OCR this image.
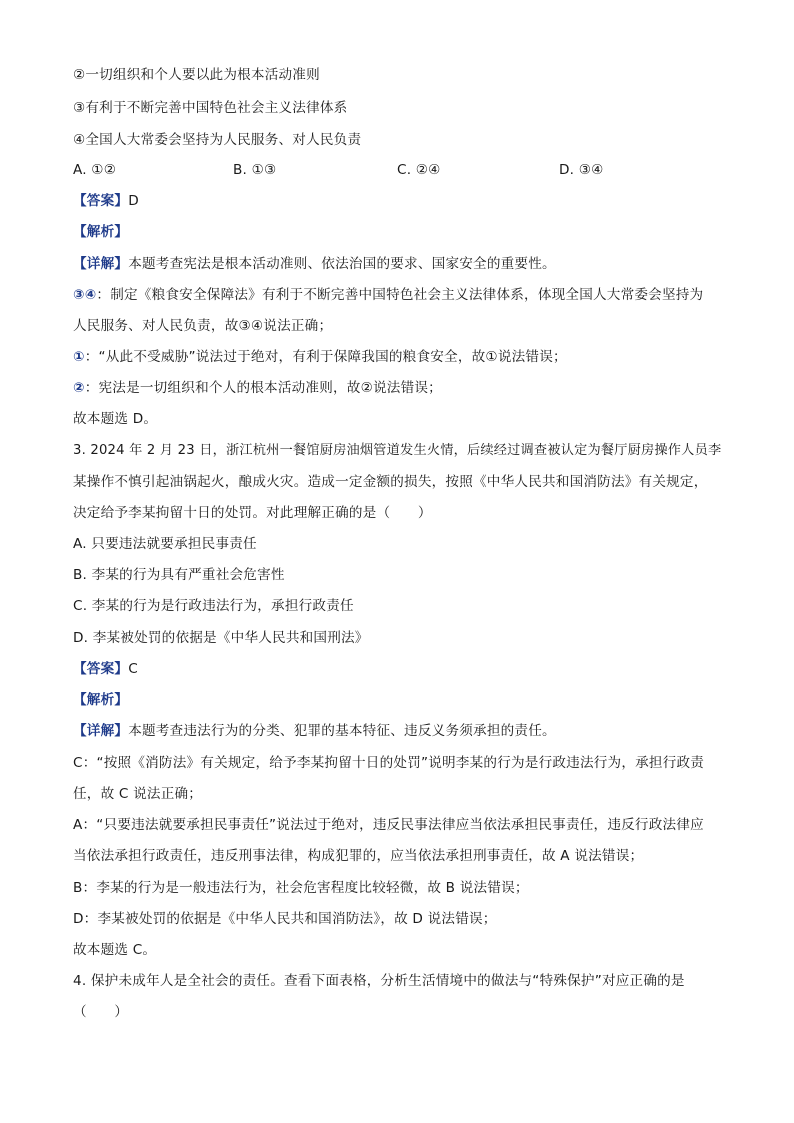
②一切组织和个人要以此为根本活动准则
③有利于不断完善中国特色社会主义法律体系
④全国人大常委会坚持为人民服务、对人民负责
A. ①②	B. ①③	C. ②④	D. ③④
【答案】D
【解析】
【详解】本题考查宪法是根本活动准则、依法治国的要求、国家安全的重要性。
③④：制定《粮食安全保障法》有利于不断完善中国特色社会主义法律体系，体现全国人大常委会坚持为
人民服务、对人民负责，故③④说法正确；
①：“从此不受威胁”说法过于绝对，有利于保障我国的粮食安全，故①说法错误；
②：宪法是一切组织和个人的根本活动准则，故②说法错误；
故本题选 D。
3. 2024 年 2 月 23 日，浙江杭州一餐馆厨房油烟管道发生火情，后续经过调查被认定为餐厅厨房操作人员李
某操作不慎引起油锅起火，酿成火灾。造成一定金额的损失，按照《中华人民共和国消防法》有关规定，
决定给予李某拘留十日的处罚。对此理解正确的是（　　）
A. 只要违法就要承担民事责任
B. 李某的行为具有严重社会危害性
C. 李某的行为是行政违法行为，承担行政责任
D. 李某被处罚的依据是《中华人民共和国刑法》
【答案】C
【解析】
【详解】本题考查违法行为的分类、犯罪的基本特征、违反义务须承担的责任。
C：“按照《消防法》有关规定，给予李某拘留十日的处罚”说明李某的行为是行政违法行为，承担行政责
任，故 C 说法正确；
A：“只要违法就要承担民事责任”说法过于绝对，违反民事法律应当依法承担民事责任，违反行政法律应
当依法承担行政责任，违反刑事法律，构成犯罪的，应当依法承担刑事责任，故 A 说法错误；
B：李某的行为是一般违法行为，社会危害程度比较轻微，故 B 说法错误；
D：李某被处罚的依据是《中华人民共和国消防法》，故 D 说法错误；
故本题选 C。
4. 保护未成年人是全社会的责任。查看下面表格，分析生活情境中的做法与“特殊保护”对应正确的是
（　　）
